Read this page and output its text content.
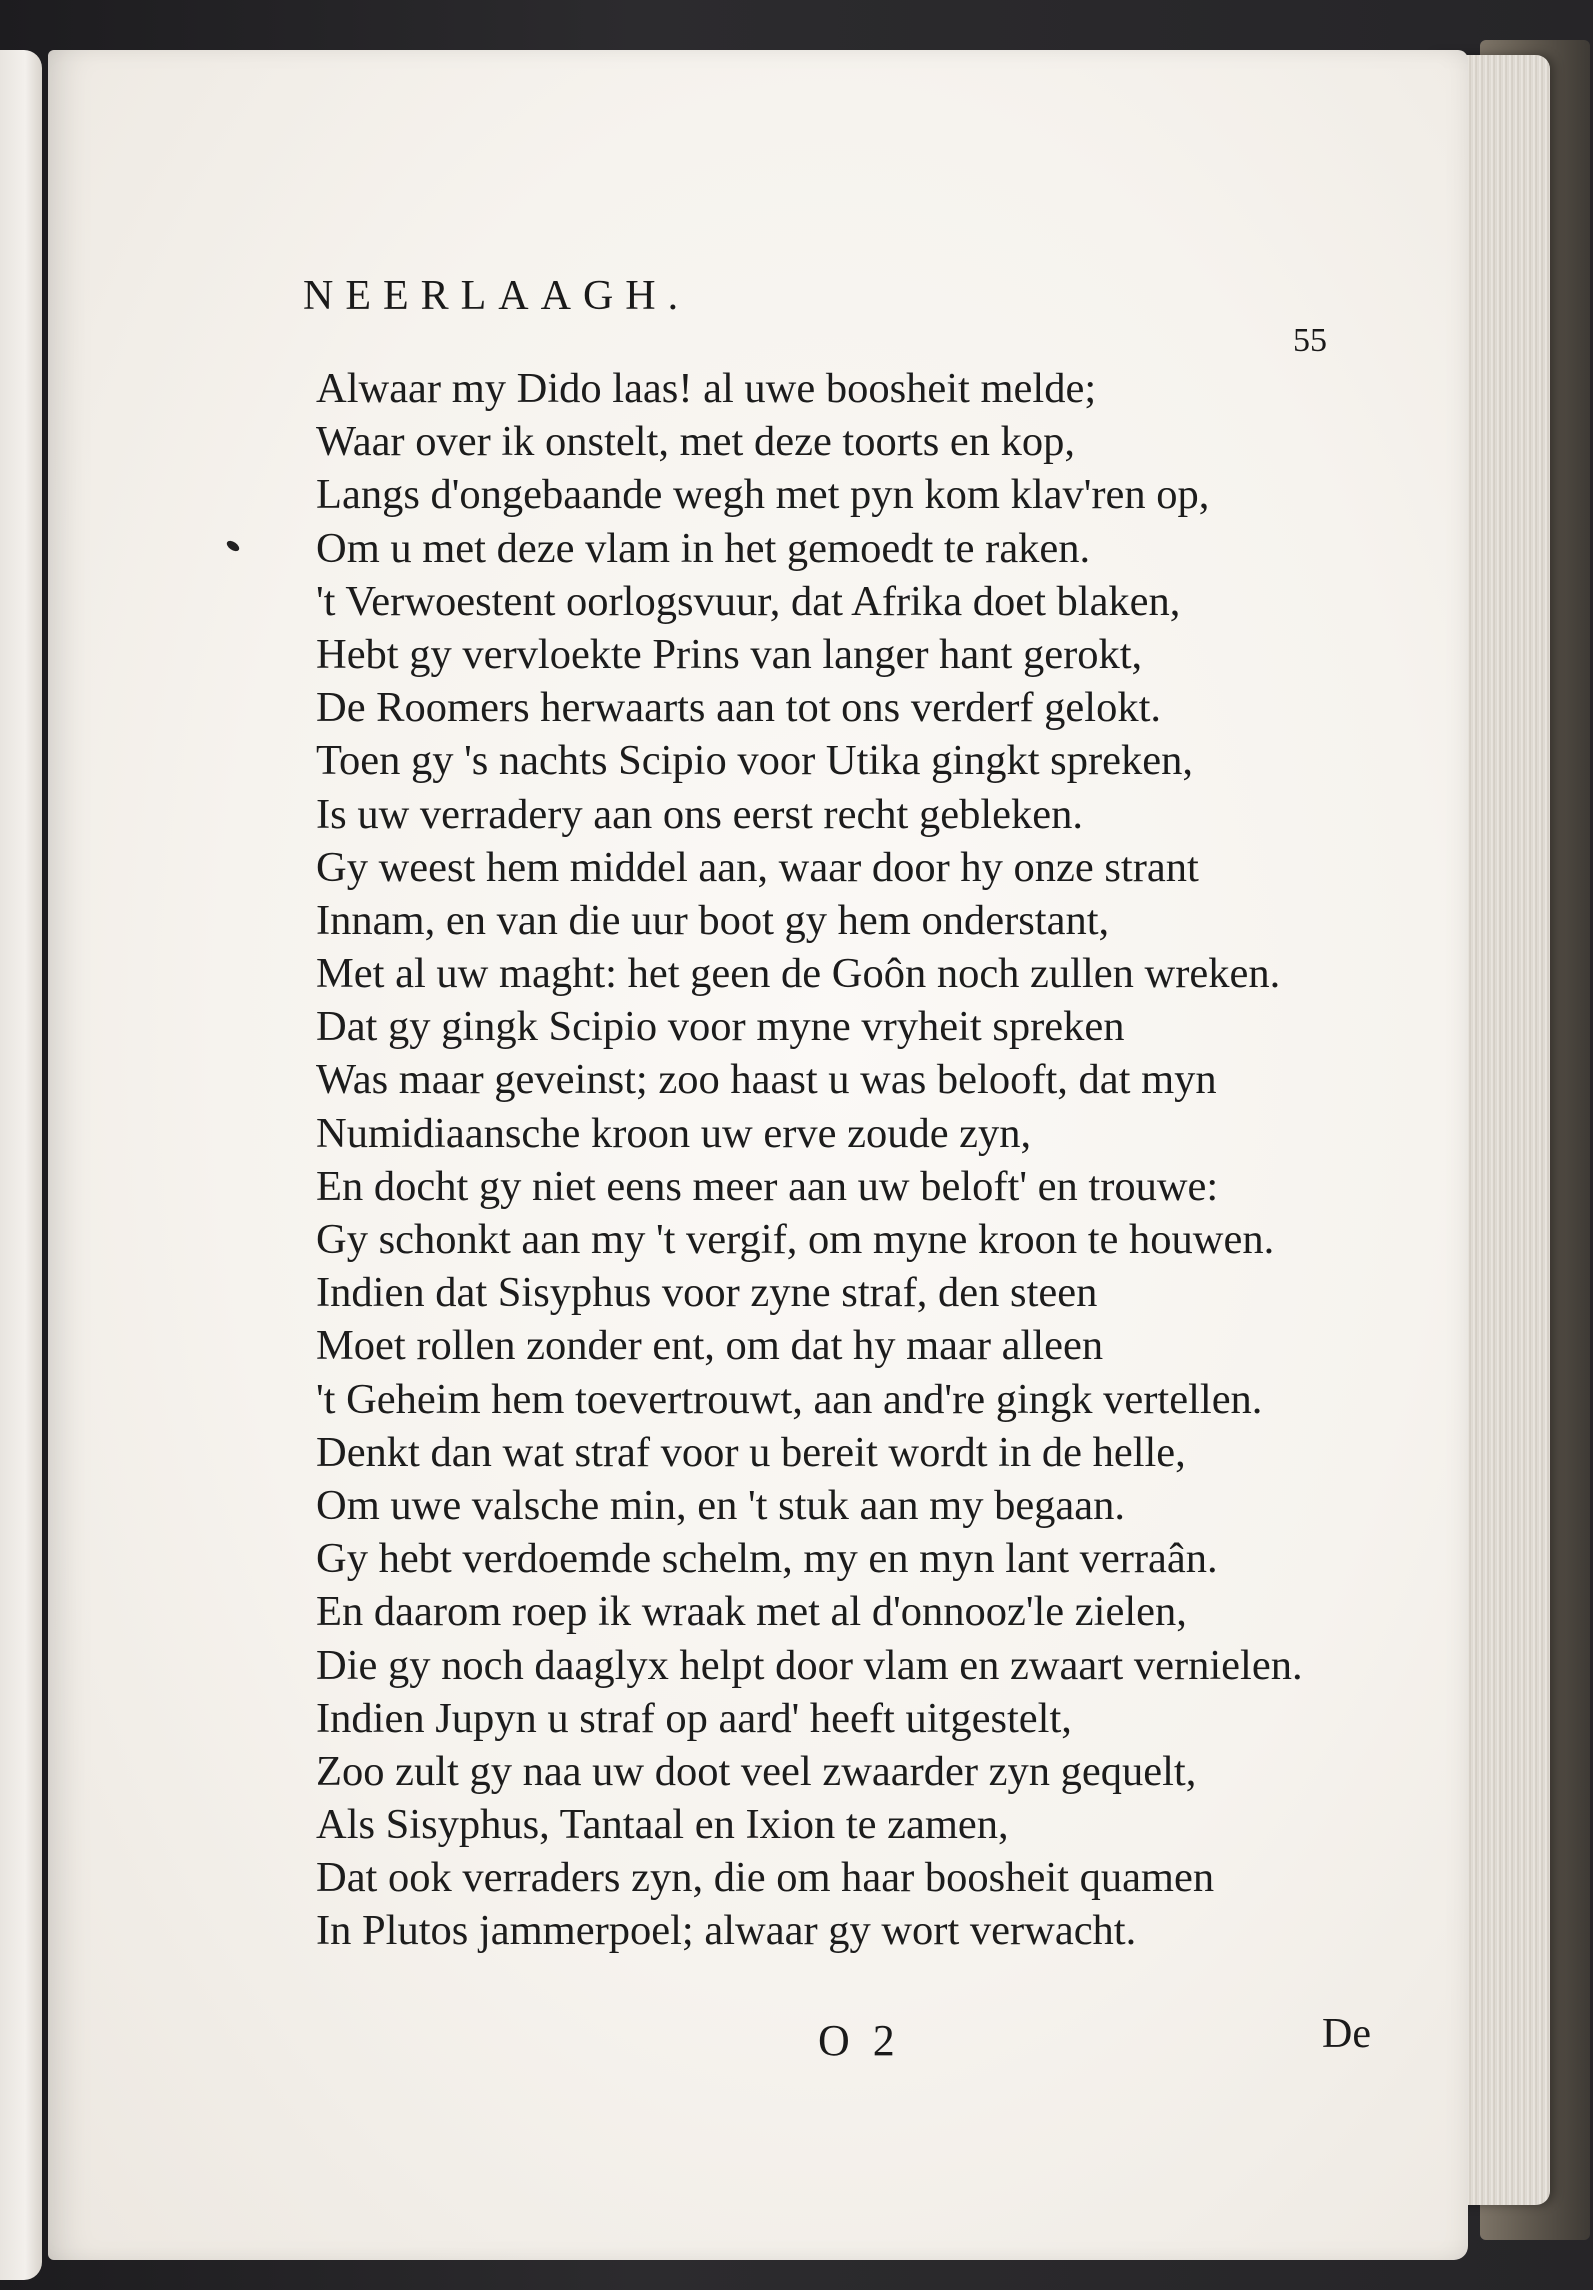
NEERLAAGH.
55
Alwaar my Dido laas! al uwe boosheit melde;
Waar over ik onstelt, met deze toorts en kop,
Langs d'ongebaande wegh met pyn kom klav'ren op,
Om u met deze vlam in het gemoedt te raken.
't Verwoestent oorlogsvuur, dat Afrika doet blaken,
Hebt gy vervloekte Prins van langer hant gerokt,
De Roomers herwaarts aan tot ons verderf gelokt.
Toen gy 's nachts Scipio voor Utika gingkt spreken,
Is uw verradery aan ons eerst recht gebleken.
Gy weest hem middel aan, waar door hy onze strant
Innam, en van die uur boot gy hem onderstant,
Met al uw maght: het geen de Goôn noch zullen wreken.
Dat gy gingk Scipio voor myne vryheit spreken
Was maar geveinst; zoo haast u was belooft, dat myn
Numidiaansche kroon uw erve zoude zyn,
En docht gy niet eens meer aan uw beloft' en trouwe:
Gy schonkt aan my 't vergif, om myne kroon te houwen.
Indien dat Sisyphus voor zyne straf, den steen
Moet rollen zonder ent, om dat hy maar alleen
't Geheim hem toevertrouwt, aan and're gingk vertellen.
Denkt dan wat straf voor u bereit wordt in de helle,
Om uwe valsche min, en 't stuk aan my begaan.
Gy hebt verdoemde schelm, my en myn lant verraân.
En daarom roep ik wraak met al d'onnooz'le zielen,
Die gy noch daaglyx helpt door vlam en zwaart vernielen.
Indien Jupyn u straf op aard' heeft uitgestelt,
Zoo zult gy naa uw doot veel zwaarder zyn gequelt,
Als Sisyphus, Tantaal en Ixion te zamen,
Dat ook verraders zyn, die om haar boosheit quamen
In Plutos jammerpoel; alwaar gy wort verwacht.
O 2	De
